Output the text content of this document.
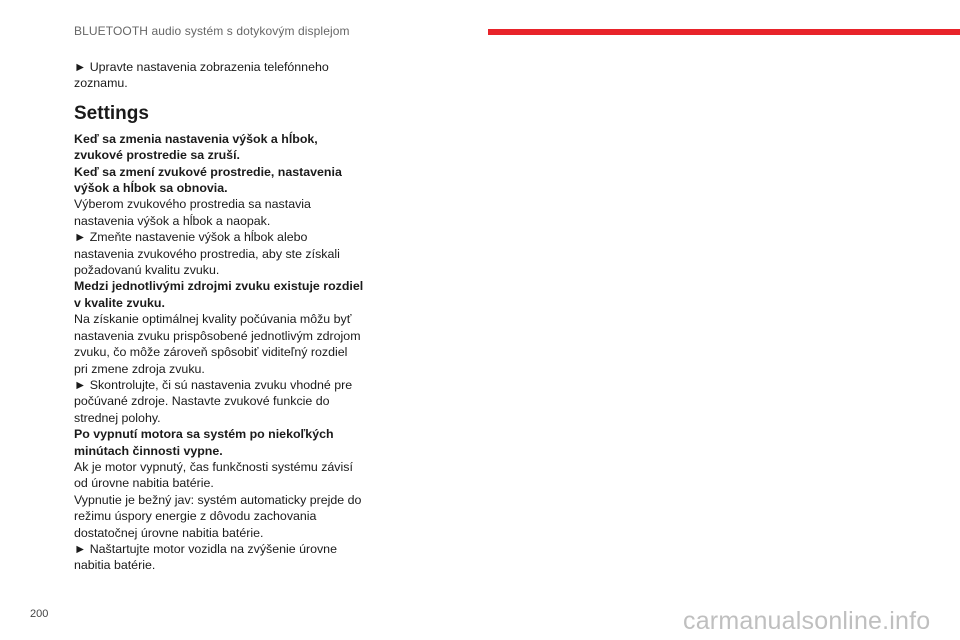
BLUETOOTH audio systém s dotykovým displejom

► Upravte nastavenia zobrazenia telefónneho zoznamu.

Settings

Keď sa zmenia nastavenia výšok a hĺbok, zvukové prostredie sa zruší.

Keď sa zmení zvukové prostredie, nastavenia výšok a hĺbok sa obnovia.

Výberom zvukového prostredia sa nastavia nastavenia výšok a hĺbok a naopak.

► Zmeňte nastavenie výšok a hĺbok alebo nastavenia zvukového prostredia, aby ste získali požadovanú kvalitu zvuku.

Medzi jednotlivými zdrojmi zvuku existuje rozdiel v kvalite zvuku.

Na získanie optimálnej kvality počúvania môžu byť nastavenia zvuku prispôsobené jednotlivým zdrojom zvuku, čo môže zároveň spôsobiť viditeľný rozdiel pri zmene zdroja zvuku.

► Skontrolujte, či sú nastavenia zvuku vhodné pre počúvané zdroje. Nastavte zvukové funkcie do strednej polohy.

Po vypnutí motora sa systém po niekoľkých minútach činnosti vypne.

Ak je motor vypnutý, čas funkčnosti systému závisí od úrovne nabitia batérie.

Vypnutie je bežný jav: systém automaticky prejde do režimu úspory energie z dôvodu zachovania dostatočnej úrovne nabitia batérie.

► Naštartujte motor vozidla na zvýšenie úrovne nabitia batérie.

200	carmanualsonline.info
